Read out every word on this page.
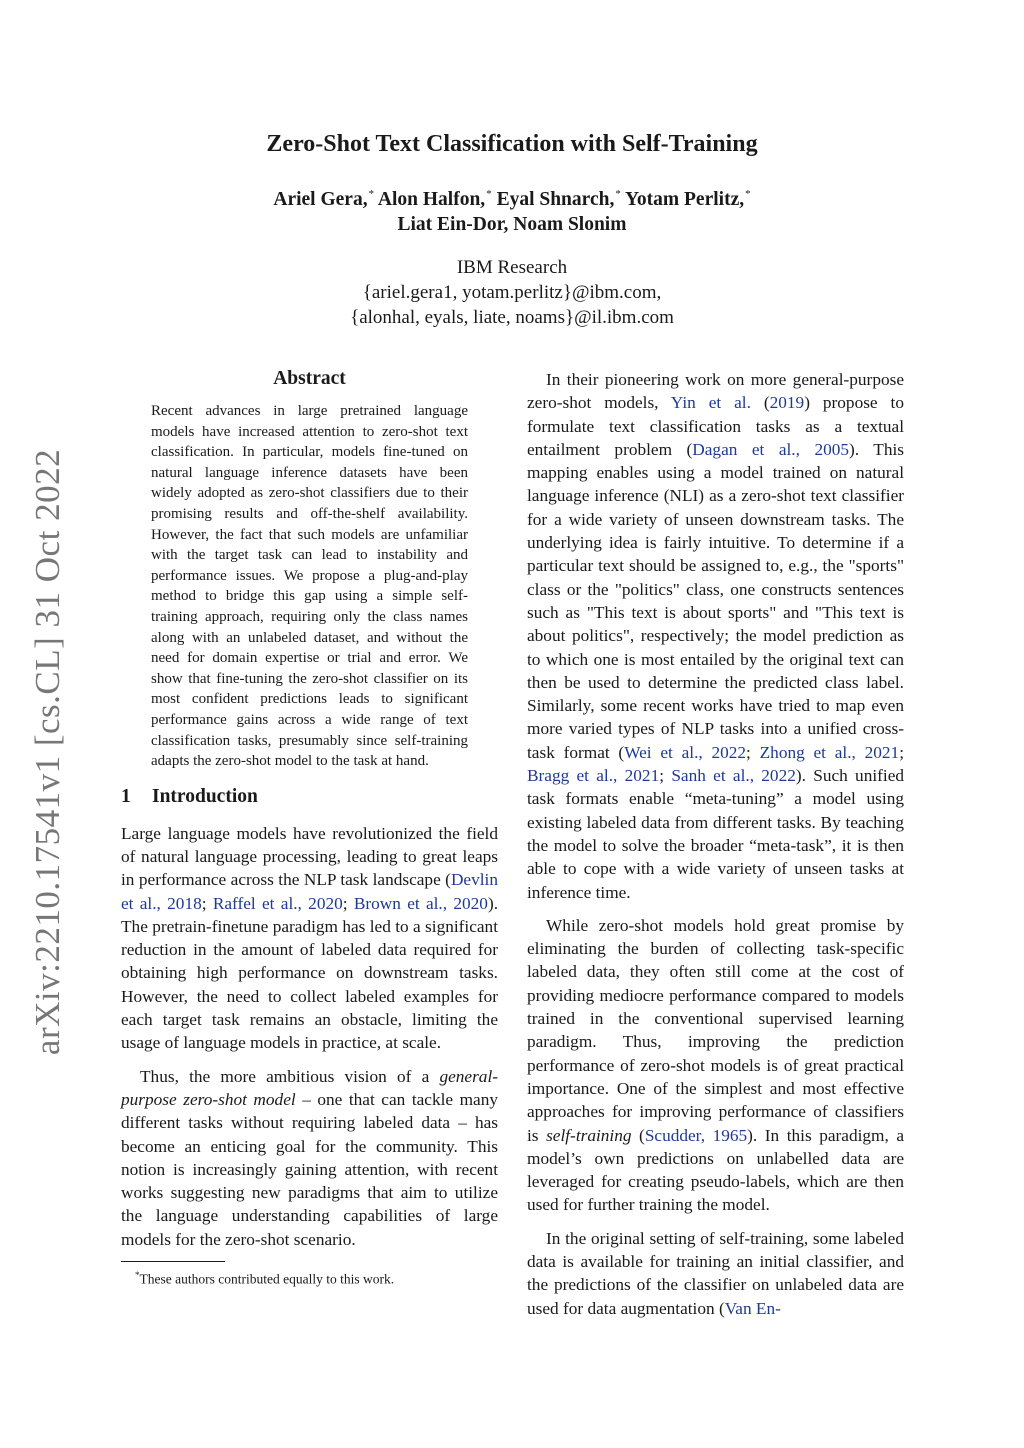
arXiv:2210.17541v1 [cs.CL] 31 Oct 2022
Zero-Shot Text Classification with Self-Training
Ariel Gera,* Alon Halfon,* Eyal Shnarch,* Yotam Perlitz,*
Liat Ein-Dor, Noam Slonim
IBM Research
{ariel.gera1, yotam.perlitz}@ibm.com,
{alonhal, eyals, liate, noams}@il.ibm.com
Abstract
Recent advances in large pretrained language models have increased attention to zero-shot text classification. In particular, models fine-tuned on natural language inference datasets have been widely adopted as zero-shot classifiers due to their promising results and off-the-shelf availability. However, the fact that such models are unfamiliar with the target task can lead to instability and performance issues. We propose a plug-and-play method to bridge this gap using a simple self-training approach, requiring only the class names along with an unlabeled dataset, and without the need for domain expertise or trial and error. We show that fine-tuning the zero-shot classifier on its most confident predictions leads to significant performance gains across a wide range of text classification tasks, presumably since self-training adapts the zero-shot model to the task at hand.
1 Introduction

Large language models have revolutionized the field of natural language processing, leading to great leaps in performance across the NLP task landscape (Devlin et al., 2018; Raffel et al., 2020; Brown et al., 2020). The pretrain-finetune paradigm has led to a significant reduction in the amount of labeled data required for obtaining high performance on downstream tasks. However, the need to collect labeled examples for each target task remains an obstacle, limiting the usage of language models in practice, at scale.

Thus, the more ambitious vision of a general-purpose zero-shot model – one that can tackle many different tasks without requiring labeled data – has become an enticing goal for the community. This notion is increasingly gaining attention, with recent works suggesting new paradigms that aim to utilize the language understanding capabilities of large models for the zero-shot scenario.

*These authors contributed equally to this work.

In their pioneering work on more general-purpose zero-shot models, Yin et al. (2019) propose to formulate text classification tasks as a textual entailment problem (Dagan et al., 2005). This mapping enables using a model trained on natural language inference (NLI) as a zero-shot text classifier for a wide variety of unseen downstream tasks. The underlying idea is fairly intuitive. To determine if a particular text should be assigned to, e.g., the "sports" class or the "politics" class, one constructs sentences such as "This text is about sports" and "This text is about politics", respectively; the model prediction as to which one is most entailed by the original text can then be used to determine the predicted class label. Similarly, some recent works have tried to map even more varied types of NLP tasks into a unified cross-task format (Wei et al., 2022; Zhong et al., 2021; Bragg et al., 2021; Sanh et al., 2022). Such unified task formats enable “meta-tuning” a model using existing labeled data from different tasks. By teaching the model to solve the broader “meta-task”, it is then able to cope with a wide variety of unseen tasks at inference time.

While zero-shot models hold great promise by eliminating the burden of collecting task-specific labeled data, they often still come at the cost of providing mediocre performance compared to models trained in the conventional supervised learning paradigm. Thus, improving the prediction performance of zero-shot models is of great practical importance. One of the simplest and most effective approaches for improving performance of classifiers is self-training (Scudder, 1965). In this paradigm, a model’s own predictions on unlabelled data are leveraged for creating pseudo-labels, which are then used for further training the model.

In the original setting of self-training, some labeled data is available for training an initial classifier, and the predictions of the classifier on unlabeled data are used for data augmentation (Van En-
